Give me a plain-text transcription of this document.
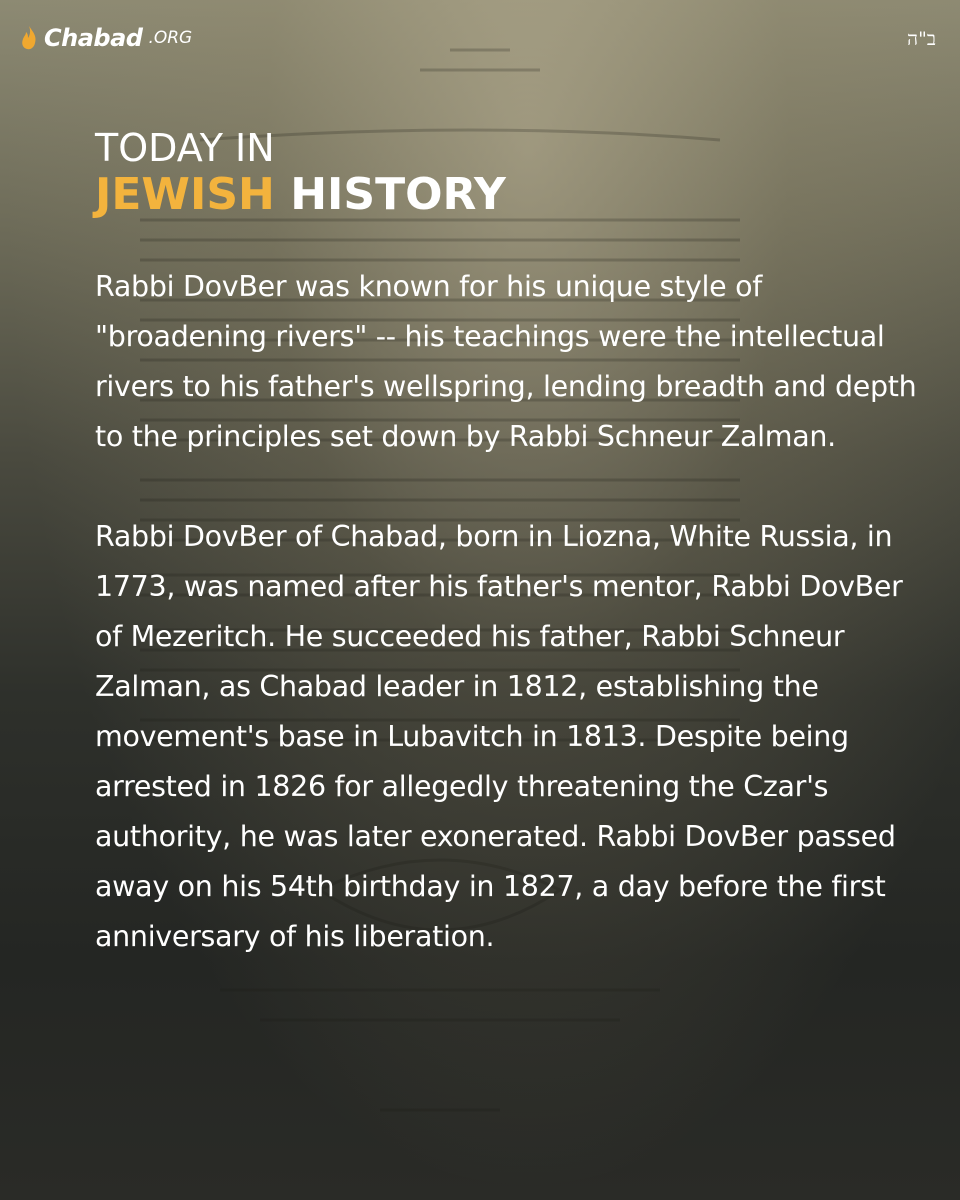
Chabad .ORG	ב"ה
TODAY IN
JEWISH HISTORY

Rabbi DovBer was known for his unique style of "broadening rivers" -- his teachings were the intellectual rivers to his father's wellspring, lending breadth and depth to the principles set down by Rabbi Schneur Zalman.

Rabbi DovBer of Chabad, born in Liozna, White Russia, in 1773, was named after his father's mentor, Rabbi DovBer of Mezeritch. He succeeded his father, Rabbi Schneur Zalman, as Chabad leader in 1812, establishing the movement's base in Lubavitch in 1813. Despite being arrested in 1826 for allegedly threatening the Czar's authority, he was later exonerated. Rabbi DovBer passed away on his 54th birthday in 1827, a day before the first anniversary of his liberation.
